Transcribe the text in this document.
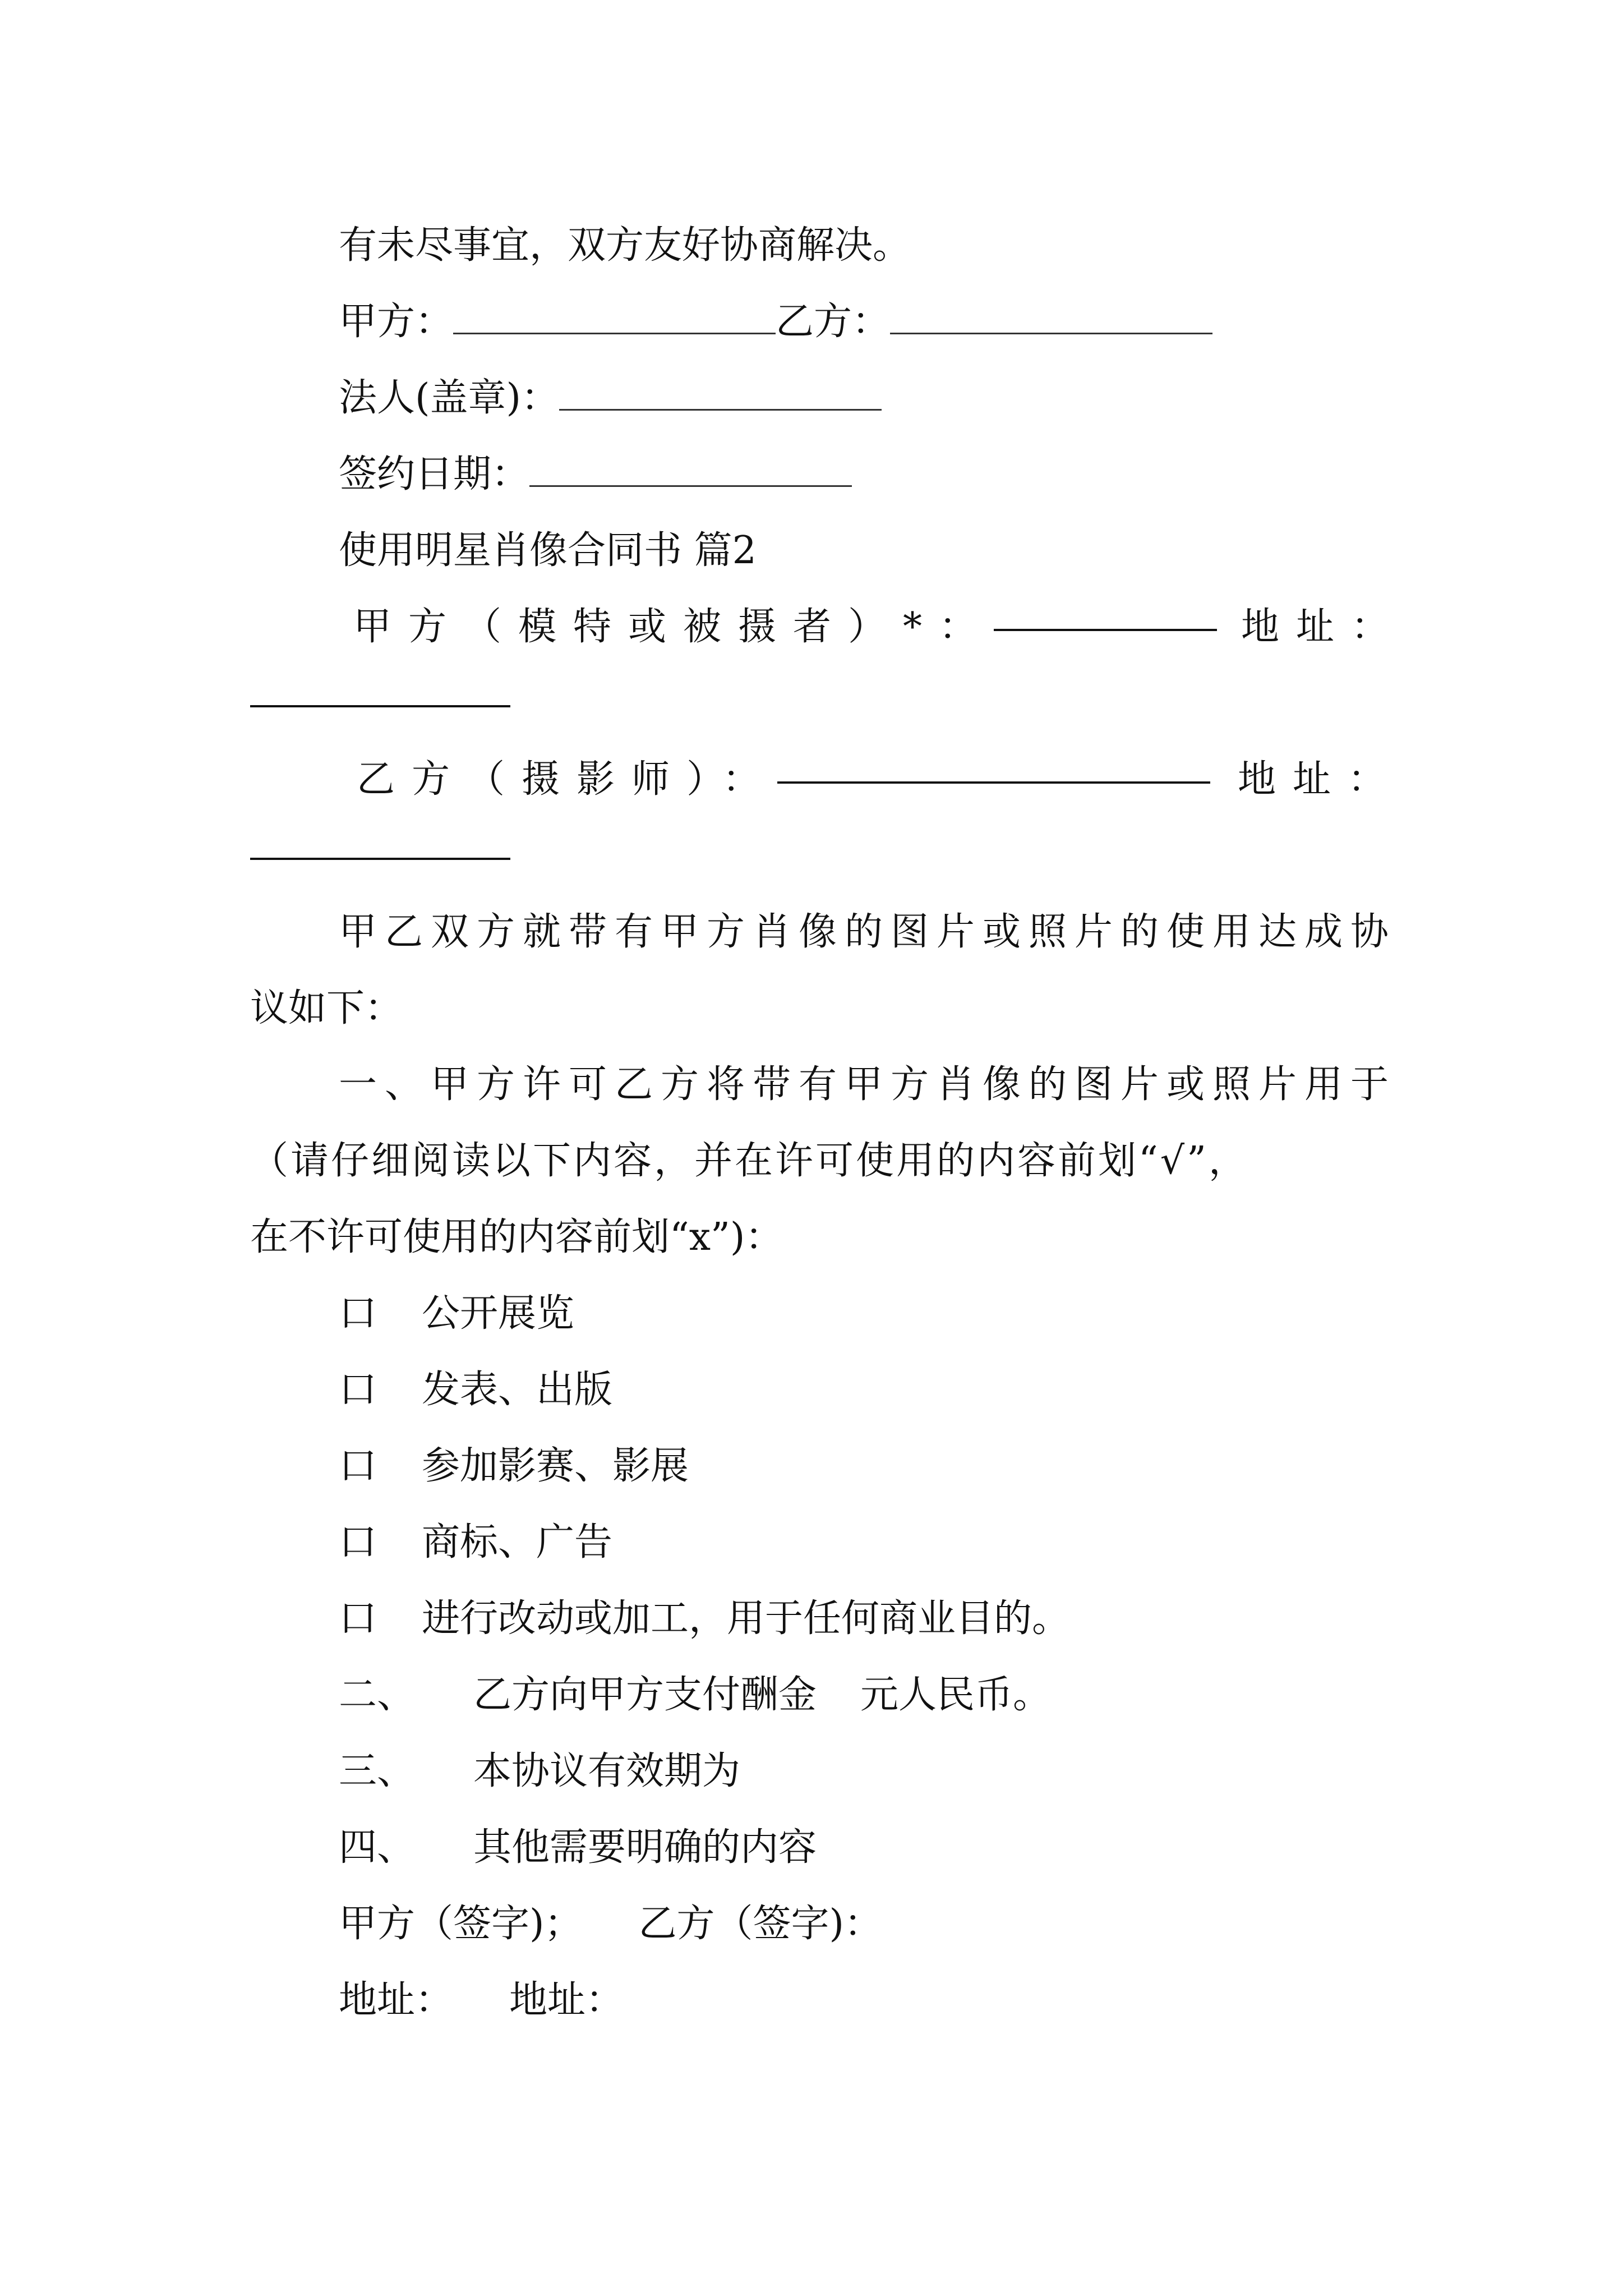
有未尽事宜，双方友好协商解决。
甲方：	乙方：
法人(盖章)：
签约日期：
使用明星肖像合同书 篇2
甲方（模特或被摄者）*：	地址：
乙方（摄影师）：	地址：
甲乙双方就带有甲方肖像的图片或照片的使用达成协
议如下：
一、甲方许可乙方将带有甲方肖像的图片或照片用于
（请仔细阅读以下内容，并在许可使用的内容前划“√”，
在不许可使用的内容前划“x”)：
口 公开展览
口 发表、出版
口 参加影赛、影展
口 商标、广告
口 进行改动或加工，用于任何商业目的。
二、 乙方向甲方支付酬金 元人民币。
三、 本协议有效期为
四、 其他需要明确的内容
甲方（签字)； 乙方（签字)：
地址： 地址：
